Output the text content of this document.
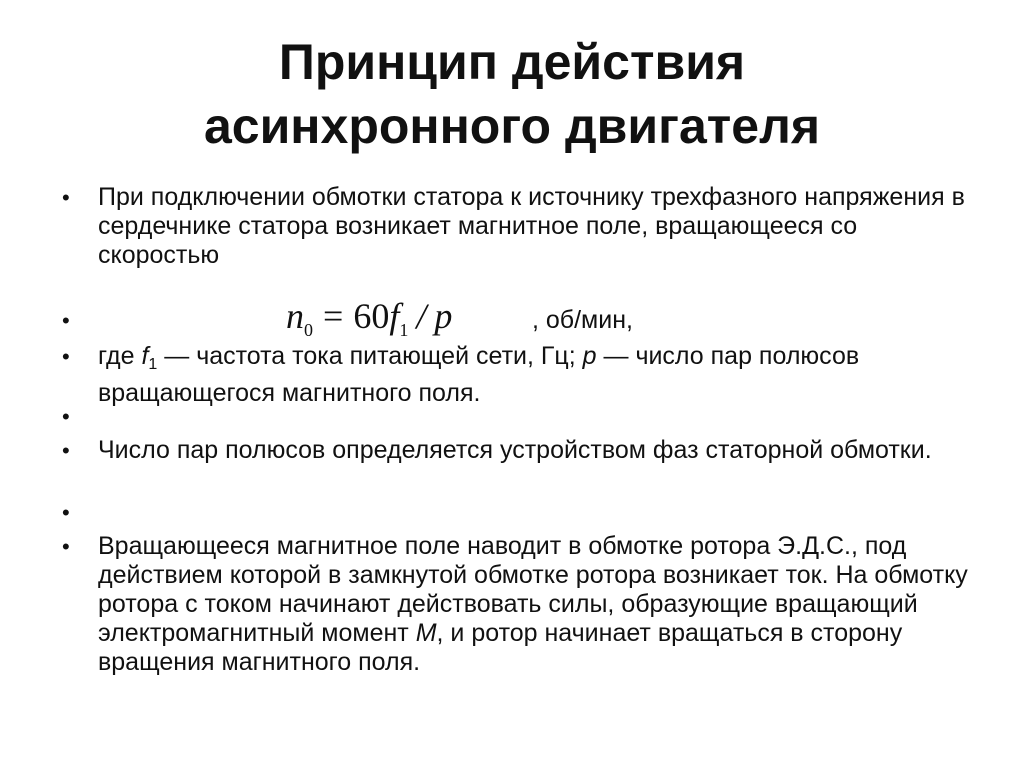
Принцип действия
асинхронного двигателя
•	При подключении обмотки статора к источнику трехфазного напряжения в сердечнике статора возникает магнитное поле, вращающееся со скоростью
•	$n_0 = 60f_1 / p$	, об/мин,
•	где $f_1$ — частота тока питающей сети, Гц; p — число пар полюсов вращающегося магнитного поля.
•
•	Число пар полюсов определяется устройством фаз статорной обмотки.
•
•	Вращающееся магнитное поле наводит в обмотке ротора Э.Д.С., под действием которой в замкнутой обмотке ротора возникает ток. На обмотку ротора с током начинают действовать силы, образующие вращающий электромагнитный момент М, и ротор начинает вращаться в сторону вращения магнитного поля.
